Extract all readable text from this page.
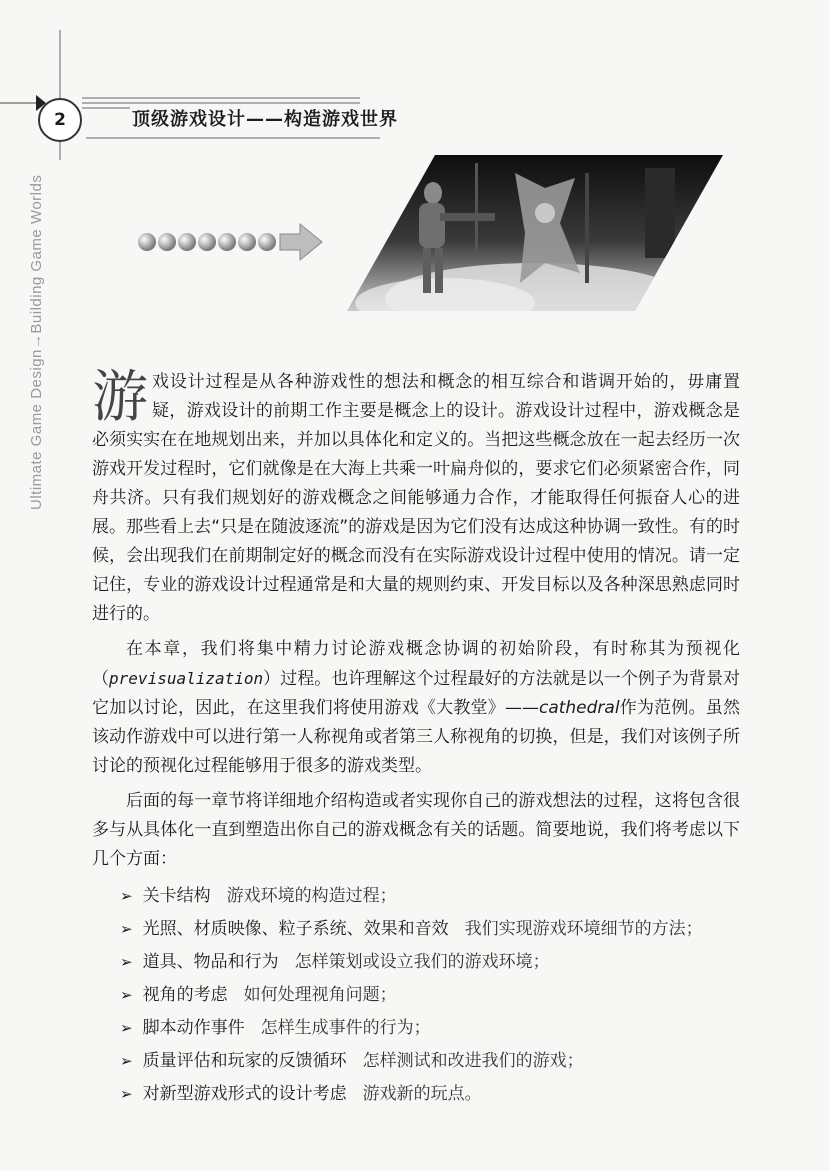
2	顶级游戏设计——构造游戏世界
Ultimate Game Design→Building Game Worlds 游戏设计过程是从各种游戏性的想法和概念的相互综合和谐调开始的，毋庸置疑，游戏设计的前期工作主要是概念上的设计。游戏设计过程中，游戏概念是必须实实在在地规划出来，并加以具体化和定义的。当把这些概念放在一起去经历一次游戏开发过程时，它们就像是在大海上共乘一叶扁舟似的，要求它们必须紧密合作，同舟共济。只有我们规划好的游戏概念之间能够通力合作，才能取得任何振奋人心的进展。那些看上去“只是在随波逐流”的游戏是因为它们没有达成这种协调一致性。有的时候，会出现我们在前期制定好的概念而没有在实际游戏设计过程中使用的情况。请一定记住，专业的游戏设计过程通常是和大量的规则约束、开发目标以及各种深思熟虑同时进行的。

在本章，我们将集中精力讨论游戏概念协调的初始阶段，有时称其为预视化（previsualization）过程。也许理解这个过程最好的方法就是以一个例子为背景对它加以讨论，因此，在这里我们将使用游戏《大教堂》——cathedral作为范例。虽然该动作游戏中可以进行第一人称视角或者第三人称视角的切换，但是，我们对该例子所讨论的预视化过程能够用于很多的游戏类型。

后面的每一章节将详细地介绍构造或者实现你自己的游戏想法的过程，这将包含很多与从具体化一直到塑造出你自己的游戏概念有关的话题。简要地说，我们将考虑以下几个方面：

➢ 关卡结构 游戏环境的构造过程；
➢ 光照、材质映像、粒子系统、效果和音效 我们实现游戏环境细节的方法；
➢ 道具、物品和行为 怎样策划或设立我们的游戏环境；
➢ 视角的考虑 如何处理视角问题；
➢ 脚本动作事件 怎样生成事件的行为；
➢ 质量评估和玩家的反馈循环 怎样测试和改进我们的游戏；
➢ 对新型游戏形式的设计考虑 游戏新的玩点。
